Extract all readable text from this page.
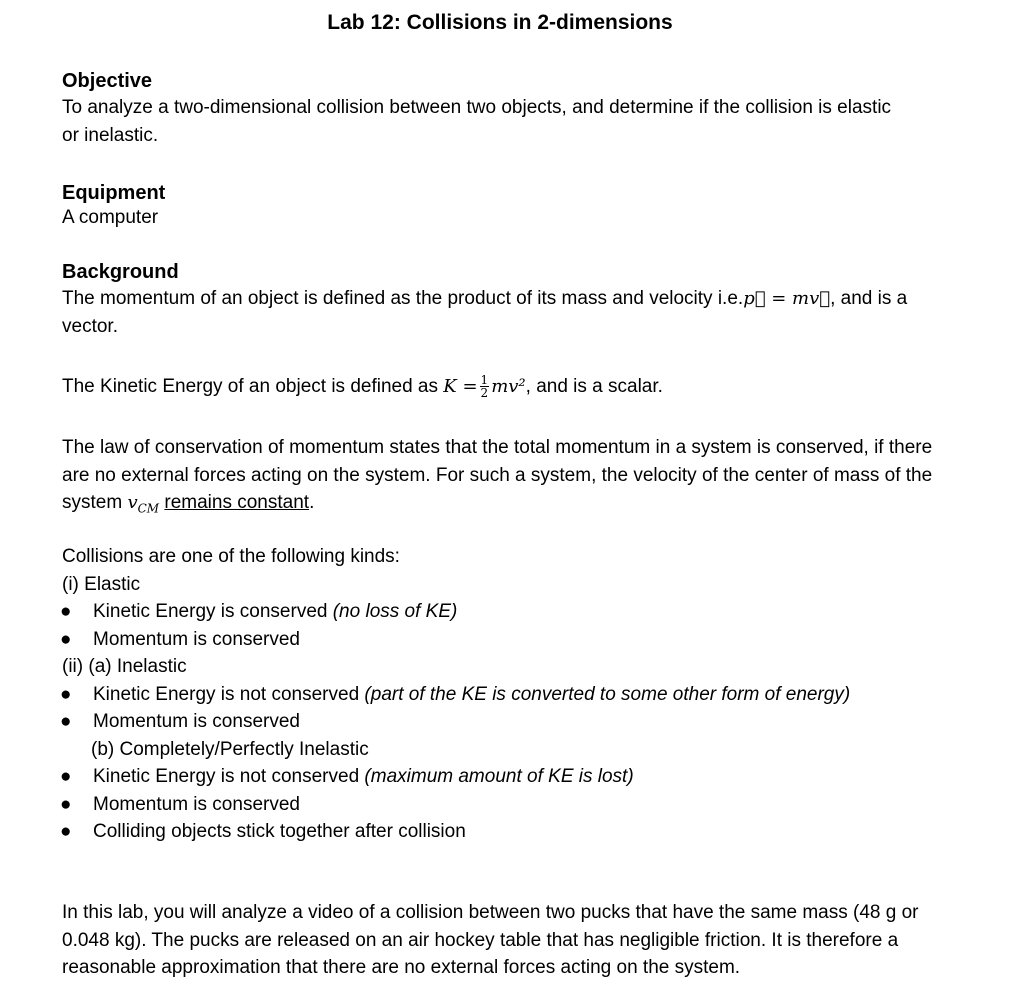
Lab 12: Collisions in 2-dimensions
Objective

To analyze a two-dimensional collision between two objects, and determine if the collision is elastic or inelastic.

Equipment

A computer

Background

The momentum of an object is defined as the product of its mass and velocity i.e.p⃗ = mv⃗, and is a vector.

The Kinetic Energy of an object is defined as $K = \frac{1}{2} mv^2$, and is a scalar.

The law of conservation of momentum states that the total momentum in a system is conserved, if there are no external forces acting on the system. For such a system, the velocity of the center of mass of the system $v_{CM}$ remains constant.

Collisions are one of the following kinds:

(i) Elastic

● Kinetic Energy is conserved (no loss of KE)
● Momentum is conserved

(ii) (a) Inelastic

● Kinetic Energy is not conserved (part of the KE is converted to some other form of energy)
● Momentum is conserved

(b) Completely/Perfectly Inelastic

● Kinetic Energy is not conserved (maximum amount of KE is lost)
● Momentum is conserved
● Colliding objects stick together after collision

In this lab, you will analyze a video of a collision between two pucks that have the same mass (48 g or 0.048 kg). The pucks are released on an air hockey table that has negligible friction. It is therefore a reasonable approximation that there are no external forces acting on the system.
